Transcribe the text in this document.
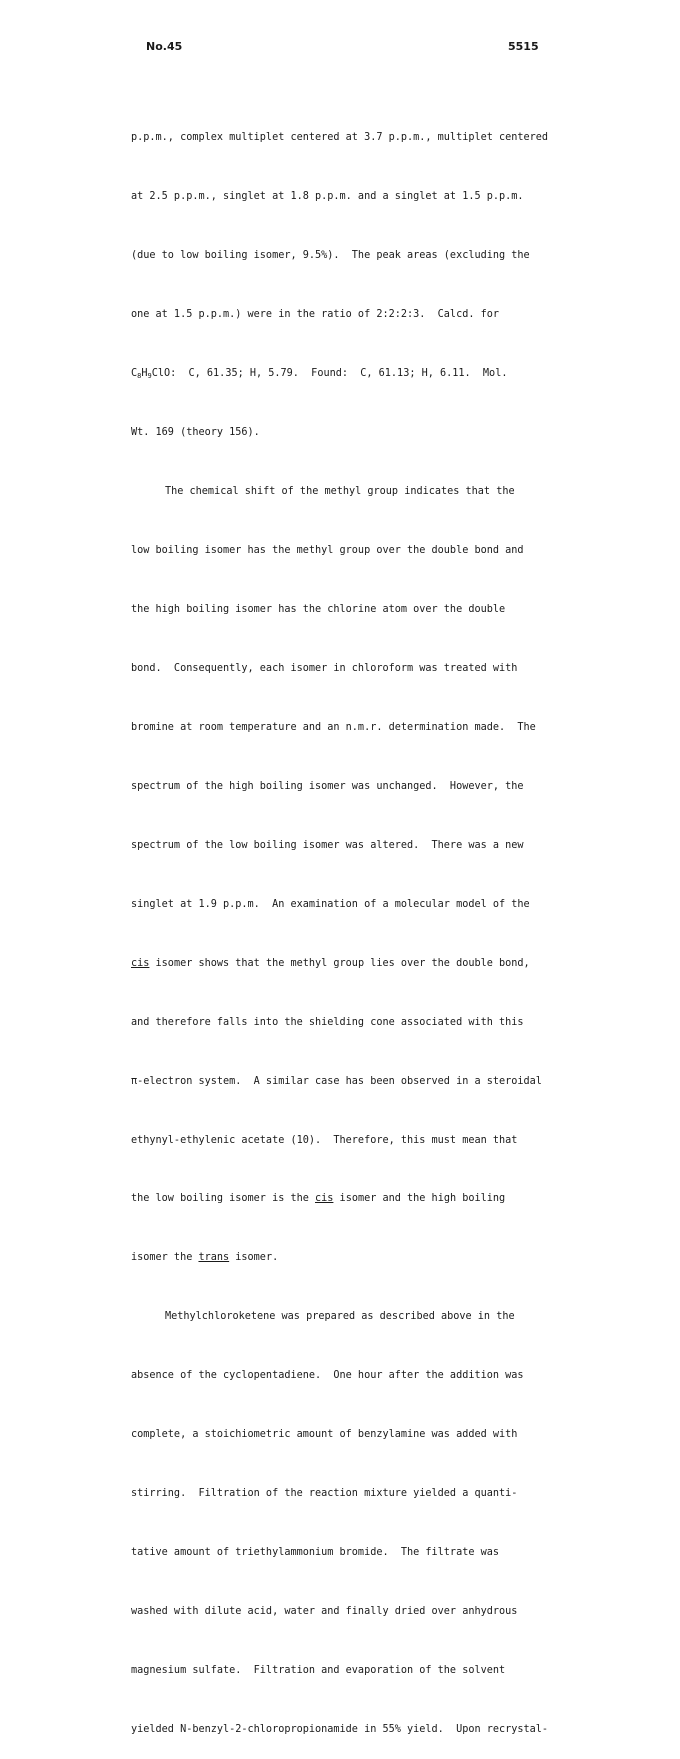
No.45	5515

p.p.m., complex multiplet centered at 3.7 p.p.m., multiplet centered

at 2.5 p.p.m., singlet at 1.8 p.p.m. and a singlet at 1.5 p.p.m.

(due to low boiling isomer, 9.5%).  The peak areas (excluding the

one at 1.5 p.p.m.) were in the ratio of 2:2:2:3.  Calcd. for

$C_8H_9ClO$:  C, 61.35; H, 5.79.  Found:  C, 61.13; H, 6.11.  Mol.

Wt. 169 (theory 156).

The chemical shift of the methyl group indicates that the

low boiling isomer has the methyl group over the double bond and

the high boiling isomer has the chlorine atom over the double

bond.  Consequently, each isomer in chloroform was treated with

bromine at room temperature and an n.m.r. determination made.  The

spectrum of the high boiling isomer was unchanged.  However, the

spectrum of the low boiling isomer was altered.  There was a new

singlet at 1.9 p.p.m.  An examination of a molecular model of the

cis isomer shows that the methyl group lies over the double bond,

and therefore falls into the shielding cone associated with this

π-electron system.  A similar case has been observed in a steroidal

ethynyl-ethylenic acetate (10).  Therefore, this must mean that

the low boiling isomer is the cis isomer and the high boiling

isomer the trans isomer.

Methylchloroketene was prepared as described above in the

absence of the cyclopentadiene.  One hour after the addition was

complete, a stoichiometric amount of benzylamine was added with

stirring.  Filtration of the reaction mixture yielded a quanti-

tative amount of triethylammonium bromide.  The filtrate was

washed with dilute acid, water and finally dried over anhydrous

magnesium sulfate.  Filtration and evaporation of the solvent

yielded N-benzyl-2-chloropropionamide in 55% yield.  Upon recrystal-
